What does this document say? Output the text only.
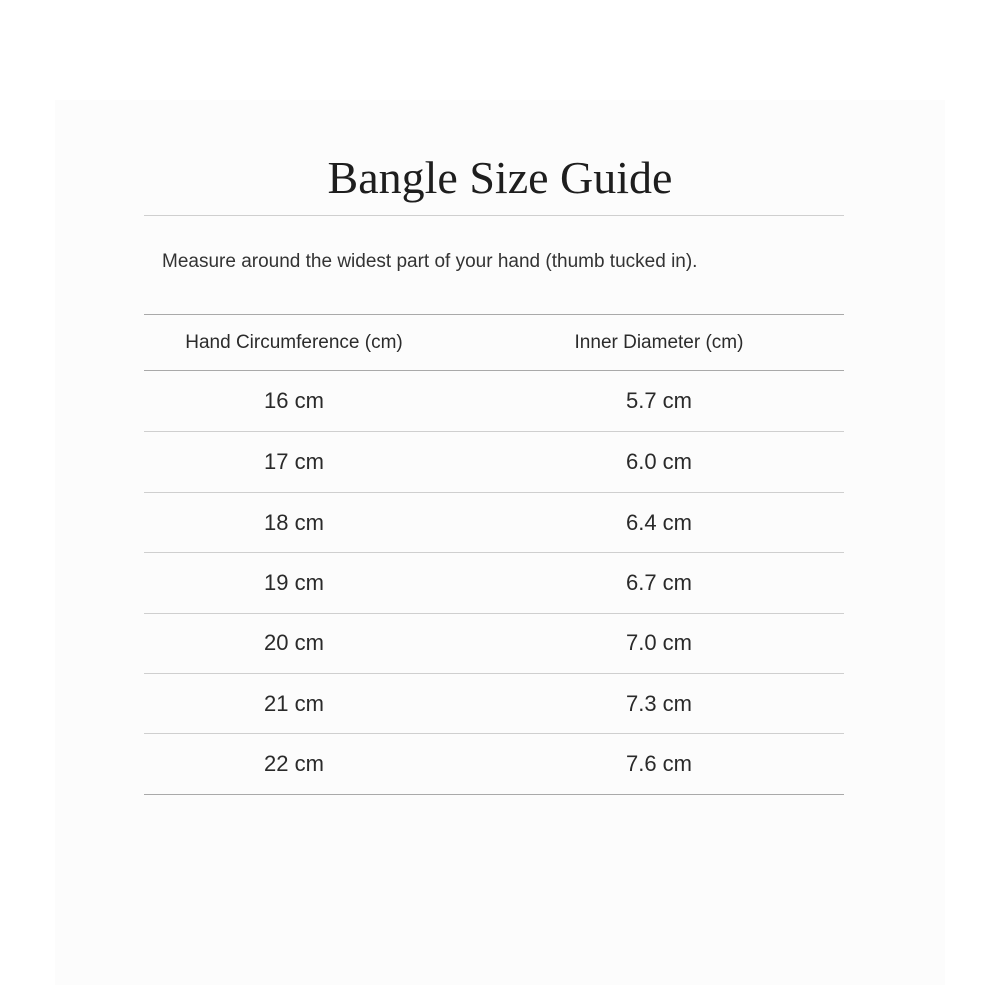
Bangle Size Guide
Measure around the widest part of your hand (thumb tucked in).
Hand Circumference (cm)	Inner Diameter (cm)
16 cm	5.7 cm
17 cm	6.0 cm
18 cm	6.4 cm
19 cm	6.7 cm
20 cm	7.0 cm
21 cm	7.3 cm
22 cm	7.6 cm
